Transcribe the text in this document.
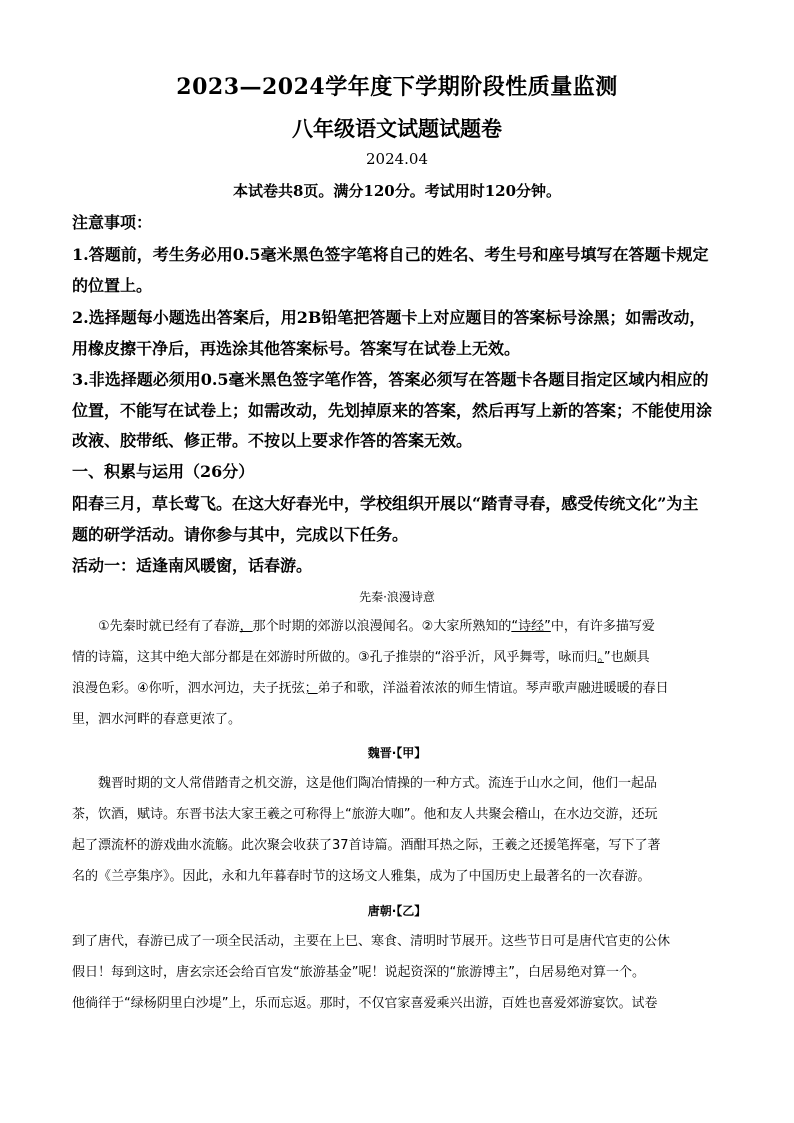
2023—2024学年度下学期阶段性质量监测
八年级语文试题试题卷
2024.04
本试卷共8页。满分120分。考试用时120分钟。
注意事项：
1.答题前，考生务必用0.5毫米黑色签字笔将自己的姓名、考生号和座号填写在答题卡规定
的位置上。
2.选择题每小题选出答案后，用2B铅笔把答题卡上对应题目的答案标号涂黑；如需改动，
用橡皮擦干净后，再选涂其他答案标号。答案写在试卷上无效。
3.非选择题必须用0.5毫米黑色签字笔作答，答案必须写在答题卡各题目指定区域内相应的
位置，不能写在试卷上；如需改动，先划掉原来的答案，然后再写上新的答案；不能使用涂
改液、胶带纸、修正带。不按以上要求作答的答案无效。
一、积累与运用（26分）
阳春三月，草长莺飞。在这大好春光中，学校组织开展以“踏青寻春，感受传统文化”为主
题的研学活动。请你参与其中，完成以下任务。
活动一：适逢南风暖窗，话春游。
先秦·浪漫诗意
①先秦时就已经有了春游，那个时期的郊游以浪漫闻名。②大家所熟知的“诗经”中，有许多描写爱
情的诗篇，这其中绝大部分都是在郊游时所做的。③孔子推崇的“浴乎沂，风乎舞雩，咏而归。”也颇具
浪漫色彩。④你听，泗水河边，夫子抚弦；弟子和歌，洋溢着浓浓的师生情谊。琴声歌声融进暖暖的春日
里，泗水河畔的春意更浓了。
魏晋·【甲】
魏晋时期的文人常借踏青之机交游，这是他们陶冶情操的一种方式。流连于山水之间，他们一起品
茶，饮酒，赋诗。东晋书法大家王羲之可称得上“旅游大咖”。他和友人共聚会稽山，在水边交游，还玩
起了漂流杯的游戏曲水流觞。此次聚会收获了37首诗篇。酒酣耳热之际，王羲之还援笔挥毫，写下了著
名的《兰亭集序》。因此，永和九年暮春时节的这场文人雅集，成为了中国历史上最著名的一次春游。
唐朝·【乙】
到了唐代，春游已成了一项全民活动，主要在上巳、寒食、清明时节展开。这些节日可是唐代官吏的公休
假日！每到这时，唐玄宗还会给百官发“旅游基金”呢！说起资深的“旅游博主”，白居易绝对算一个。
他徜徉于“绿杨阴里白沙堤”上，乐而忘返。那时，不仅官家喜爱乘兴出游，百姓也喜爱郊游宴饮。试卷
